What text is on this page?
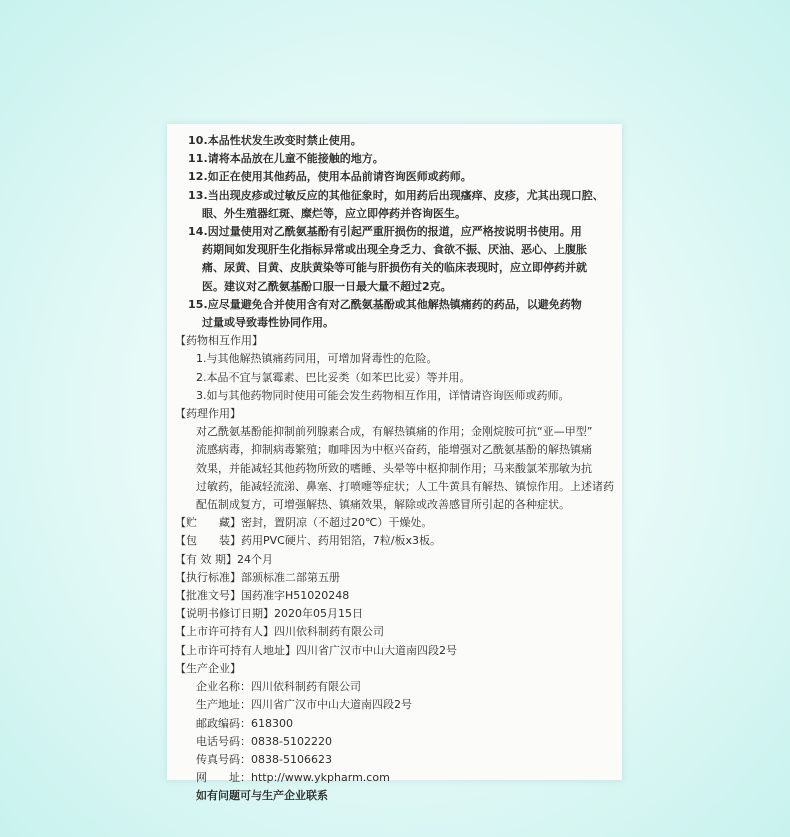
10.本品性状发生改变时禁止使用。
11.请将本品放在儿童不能接触的地方。
12.如正在使用其他药品，使用本品前请咨询医师或药师。
13.当出现皮疹或过敏反应的其他征象时，如用药后出现瘙痒、皮疹，尤其出现口腔、
眼、外生殖器红斑、糜烂等，应立即停药并咨询医生。
14.因过量使用对乙酰氨基酚有引起严重肝损伤的报道，应严格按说明书使用。用
药期间如发现肝生化指标异常或出现全身乏力、食欲不振、厌油、恶心、上腹胀
痛、尿黄、目黄、皮肤黄染等可能与肝损伤有关的临床表现时，应立即停药并就
医。建议对乙酰氨基酚口服一日最大量不超过2克。
15.应尽量避免合并使用含有对乙酰氨基酚或其他解热镇痛药的药品，以避免药物
过量或导致毒性协同作用。
【药物相互作用】
1.与其他解热镇痛药同用，可增加肾毒性的危险。
2.本品不宜与氯霉素、巴比妥类（如苯巴比妥）等并用。
3.如与其他药物同时使用可能会发生药物相互作用，详情请咨询医师或药师。
【药理作用】
对乙酰氨基酚能抑制前列腺素合成，有解热镇痛的作用；金刚烷胺可抗“亚—甲型”
流感病毒，抑制病毒繁殖；咖啡因为中枢兴奋药，能增强对乙酰氨基酚的解热镇痛
效果，并能减轻其他药物所致的嗜睡、头晕等中枢抑制作用；马来酸氯苯那敏为抗
过敏药，能减轻流涕、鼻塞、打喷嚏等症状；人工牛黄具有解热、镇惊作用。上述诸药
配伍制成复方，可增强解热、镇痛效果，解除或改善感冒所引起的各种症状。
【贮　　藏】密封，置阴凉（不超过20℃）干燥处。
【包　　装】药用PVC硬片、药用铝箔，7粒/板x3板。
【有 效 期】24个月
【执行标准】部颁标准二部第五册
【批准文号】国药准字H51020248
【说明书修订日期】2020年05月15日
【上市许可持有人】四川依科制药有限公司
【上市许可持有人地址】四川省广汉市中山大道南四段2号
【生产企业】
企业名称：四川依科制药有限公司
生产地址：四川省广汉市中山大道南四段2号
邮政编码：618300
电话号码：0838-5102220
传真号码：0838-5106623
网　　址：http://www.ykpharm.com
如有问题可与生产企业联系
